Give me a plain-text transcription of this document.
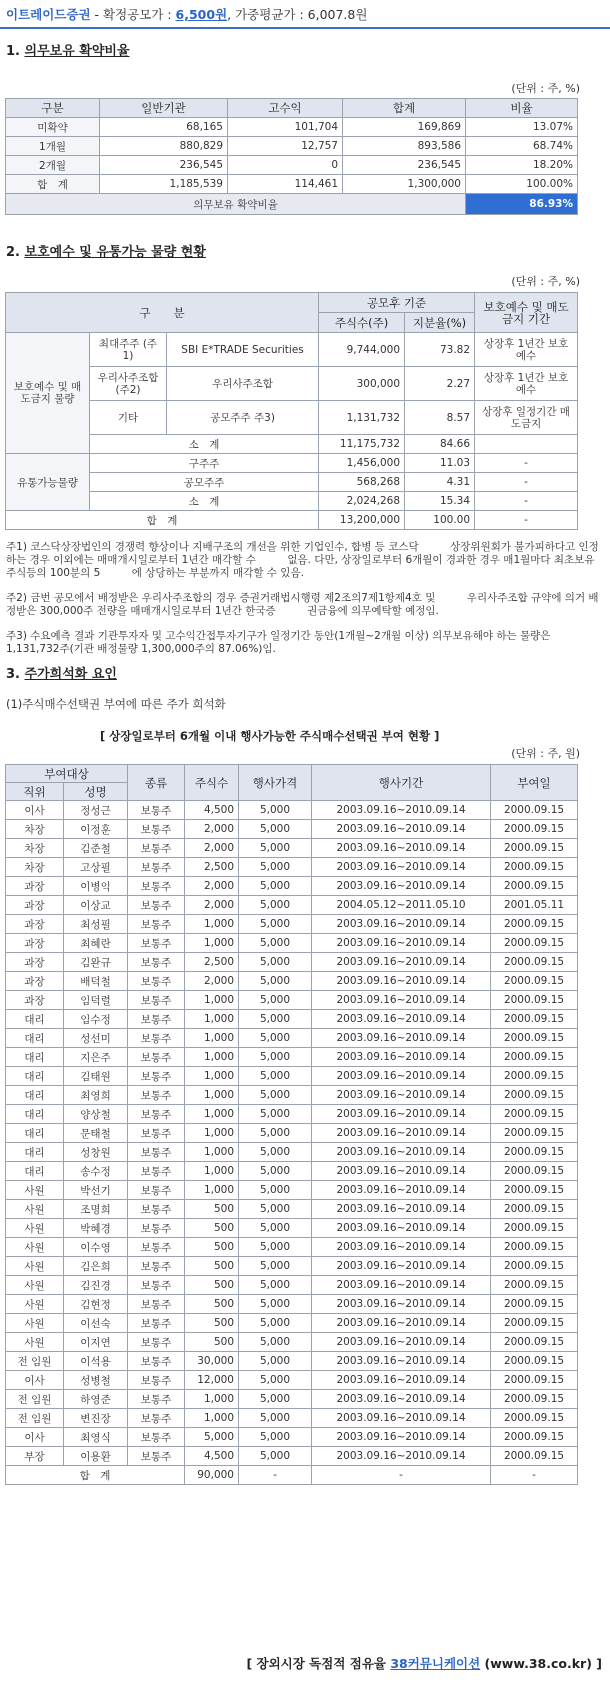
이트레이드증권 - 확정공모가 : 6,500원, 가중평균가 : 6,007.8원
1. 의무보유 확약비율
(단위 : 주, %)
구분	일반기관	고수익	합계	비율
미확약	68,165	101,704	169,869	13.07%
1개월	880,829	12,757	893,586	68.74%
2개월	236,545	0	236,545	18.20%
합　계	1,185,539	114,461	1,300,000	100.00%
의무보유 확약비율				86.93%
2. 보호예수 및 유통가능 물량 현황
(단위 : 주, %)
구　　분			공모후 기준		보호예수 및 매도금지 기간
			주식수(주)	지분율(%)	
보호예수 및 매도금지 물량	최대주주 (주1)	SBI E*TRADE Securities	9,744,000	73.82	상장후 1년간 보호예수
	우리사주조합 (주2)	우리사주조합	300,000	2.27	상장후 1년간 보호예수
	기타	공모주주 주3)	1,131,732	8.57	상장후 일정기간 매도금지
	소　계		11,175,732	84.66	
유통가능물량	구주주		1,456,000	11.03	-
	공모주주		568,268	4.31	-
	소　계		2,024,268	15.34	-
합　계			13,200,000	100.00	-
주1) 코스닥상장법인의 경쟁력 향상이나 지배구조의 개선을 위한 기업인수, 합병 등 코스닥　　　상장위원회가 불가피하다고 인정하는 경우 이외에는 매매개시일로부터 1년간 매각할 수　　　없음. 다만, 상장일로부터 6개월이 경과한 경우 매1월마다 최초보유주식등의 100분의 5　　　에 상당하는 부분까지 매각할 수 있음.
주2) 금번 공모에서 배정받은 우리사주조합의 경우 증권거래법시행령 제2조의7제1항제4호 및　　　우리사주조합 규약에 의거 배정받은 300,000주 전량을 매매개시일로부터 1년간 한국증　　　권금융에 의무예탁할 예정임.
주3) 수요예측 결과 기관투자자 및 고수익간접투자기구가 일정기간 동안(1개월~2개월 이상) 의무보유해야 하는 물량은 1,131,732주(기관 배정물량 1,300,000주의 87.06%)임.
3. 주가희석화 요인
(1)주식매수선택권 부여에 따른 주가 희석화
[ 상장일로부터 6개월 이내 행사가능한 주식매수선택권 부여 현황 ]
(단위 : 주, 원)
부여대상		종류	주식수	행사가격	행사기간	부여일
직위	성명					
이사	정성근	보통주	4,500	5,000	2003.09.16~2010.09.14	2000.09.15
차장	이정훈	보통주	2,000	5,000	2003.09.16~2010.09.14	2000.09.15
차장	김준철	보통주	2,000	5,000	2003.09.16~2010.09.14	2000.09.15
차장	고상필	보통주	2,500	5,000	2003.09.16~2010.09.14	2000.09.15
과장	이병익	보통주	2,000	5,000	2003.09.16~2010.09.14	2000.09.15
과장	이상교	보통주	2,000	5,000	2004.05.12~2011.05.10	2001.05.11
과장	최성필	보통주	1,000	5,000	2003.09.16~2010.09.14	2000.09.15
과장	최혜란	보통주	1,000	5,000	2003.09.16~2010.09.14	2000.09.15
과장	김완규	보통주	2,500	5,000	2003.09.16~2010.09.14	2000.09.15
과장	배덕철	보통주	2,000	5,000	2003.09.16~2010.09.14	2000.09.15
과장	임덕렬	보통주	1,000	5,000	2003.09.16~2010.09.14	2000.09.15
대리	임수정	보통주	1,000	5,000	2003.09.16~2010.09.14	2000.09.15
대리	성선미	보통주	1,000	5,000	2003.09.16~2010.09.14	2000.09.15
대리	지은주	보통주	1,000	5,000	2003.09.16~2010.09.14	2000.09.15
대리	김태원	보통주	1,000	5,000	2003.09.16~2010.09.14	2000.09.15
대리	최영희	보통주	1,000	5,000	2003.09.16~2010.09.14	2000.09.15
대리	양상철	보통주	1,000	5,000	2003.09.16~2010.09.14	2000.09.15
대리	문태철	보통주	1,000	5,000	2003.09.16~2010.09.14	2000.09.15
대리	성창원	보통주	1,000	5,000	2003.09.16~2010.09.14	2000.09.15
대리	송수정	보통주	1,000	5,000	2003.09.16~2010.09.14	2000.09.15
사원	박선기	보통주	1,000	5,000	2003.09.16~2010.09.14	2000.09.15
사원	조명희	보통주	500	5,000	2003.09.16~2010.09.14	2000.09.15
사원	박혜경	보통주	500	5,000	2003.09.16~2010.09.14	2000.09.15
사원	이수영	보통주	500	5,000	2003.09.16~2010.09.14	2000.09.15
사원	김은희	보통주	500	5,000	2003.09.16~2010.09.14	2000.09.15
사원	김진경	보통주	500	5,000	2003.09.16~2010.09.14	2000.09.15
사원	김현정	보통주	500	5,000	2003.09.16~2010.09.14	2000.09.15
사원	이선숙	보통주	500	5,000	2003.09.16~2010.09.14	2000.09.15
사원	이지연	보통주	500	5,000	2003.09.16~2010.09.14	2000.09.15
전 임원	이석용	보통주	30,000	5,000	2003.09.16~2010.09.14	2000.09.15
이사	성병철	보통주	12,000	5,000	2003.09.16~2010.09.14	2000.09.15
전 임원	하영준	보통주	1,000	5,000	2003.09.16~2010.09.14	2000.09.15
전 임원	변진장	보통주	1,000	5,000	2003.09.16~2010.09.14	2000.09.15
이사	최영식	보통주	5,000	5,000	2003.09.16~2010.09.14	2000.09.15
부장	이용환	보통주	4,500	5,000	2003.09.16~2010.09.14	2000.09.15
합　계			90,000	-	-	-
[ 장외시장 독점적 점유율 38커뮤니케이션 (www.38.co.kr) ]
